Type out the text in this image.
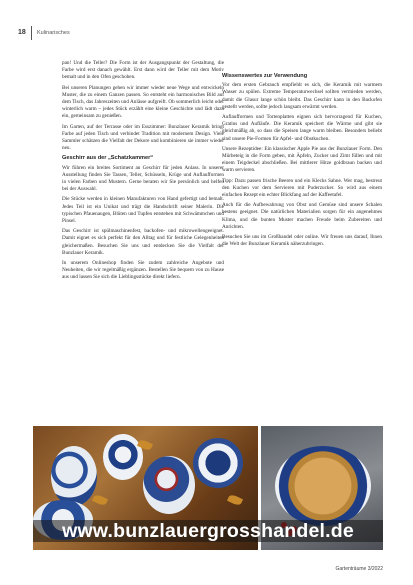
18 Kulinarisches

pan! Und die Teller? Die Form ist der Ausgangspunkt der Gestaltung, die Farbe wird erst danach gewählt. Erst dann wird der Teller mit dem Motiv bemalt und in den Ofen geschoben.

Bei unseren Planungen gehen wir immer wieder neue Wege und entwickeln Muster, die zu einem Ganzen passen. So entsteht ein harmonisches Bild auf dem Tisch, das Jahreszeiten und Anlässe aufgreift. Ob sommerlich leicht oder winterlich warm – jedes Stück erzählt eine kleine Geschichte und lädt dazu ein, gemeinsam zu genießen.

Im Garten, auf der Terrasse oder im Esszimmer: Bunzlauer Keramik bringt Farbe auf jeden Tisch und verbindet Tradition mit modernem Design. Viele Sammler schätzen die Vielfalt der Dekore und kombinieren sie immer wieder neu.

Geschirr aus der „Schatzkammer“

Wir führen ein breites Sortiment an Geschirr für jeden Anlass. In unserer Ausstellung finden Sie Tassen, Teller, Schüsseln, Krüge und Auflaufformen in vielen Farben und Mustern. Gerne beraten wir Sie persönlich und helfen bei der Auswahl.

Die Stücke werden in kleinen Manufakturen von Hand gefertigt und bemalt. Jedes Teil ist ein Unikat und trägt die Handschrift seiner Malerin. Die typischen Pfauenaugen, Blüten und Tupfen entstehen mit Schwämmchen und Pinsel.

Das Geschirr ist spülmaschinenfest, backofen- und mikrowellengeeignet. Damit eignet es sich perfekt für den Alltag und für festliche Gelegenheiten gleichermaßen. Besuchen Sie uns und entdecken Sie die Vielfalt der Bunzlauer Keramik.

In unserem Onlineshop finden Sie zudem zahlreiche Angebote und Neuheiten, die wir regelmäßig ergänzen. Bestellen Sie bequem von zu Hause aus und lassen Sie sich die Lieblingsstücke direkt liefern.

Wissenswertes zur Verwendung

Vor dem ersten Gebrauch empfiehlt es sich, die Keramik mit warmem Wasser zu spülen. Extreme Temperaturwechsel sollten vermieden werden, damit die Glasur lange schön bleibt. Das Geschirr kann in den Backofen gestellt werden, sollte jedoch langsam erwärmt werden.

Auflaufformen und Tortenplatten eignen sich hervorragend für Kuchen, Gratins und Aufläufe. Die Keramik speichert die Wärme und gibt sie gleichmäßig ab, so dass die Speisen lange warm bleiben. Besonders beliebt sind unsere Pie-Formen für Apfel- und Obstkuchen.

Unsere Rezeptidee: Ein klassischer Apple Pie aus der Bunzlauer Form. Den Mürbeteig in die Form geben, mit Äpfeln, Zucker und Zimt füllen und mit einem Teigdeckel abschließen. Bei mittlerer Hitze goldbraun backen und warm servieren.

Tipp: Dazu passen frische Beeren und ein Klecks Sahne. Wer mag, bestreut den Kuchen vor dem Servieren mit Puderzucker. So wird aus einem einfachen Rezept ein echter Blickfang auf der Kaffeetafel.

Auch für die Aufbewahrung von Obst und Gemüse sind unsere Schalen bestens geeignet. Die natürlichen Materialien sorgen für ein angenehmes Klima, und die bunten Muster machen Freude beim Zubereiten und Anrichten.

Besuchen Sie uns im Großhandel oder online. Wir freuen uns darauf, Ihnen die Welt der Bunzlauer Keramik näherzubringen.

www.bunzlauergrosshandel.de
Gartenträume 3/2022
